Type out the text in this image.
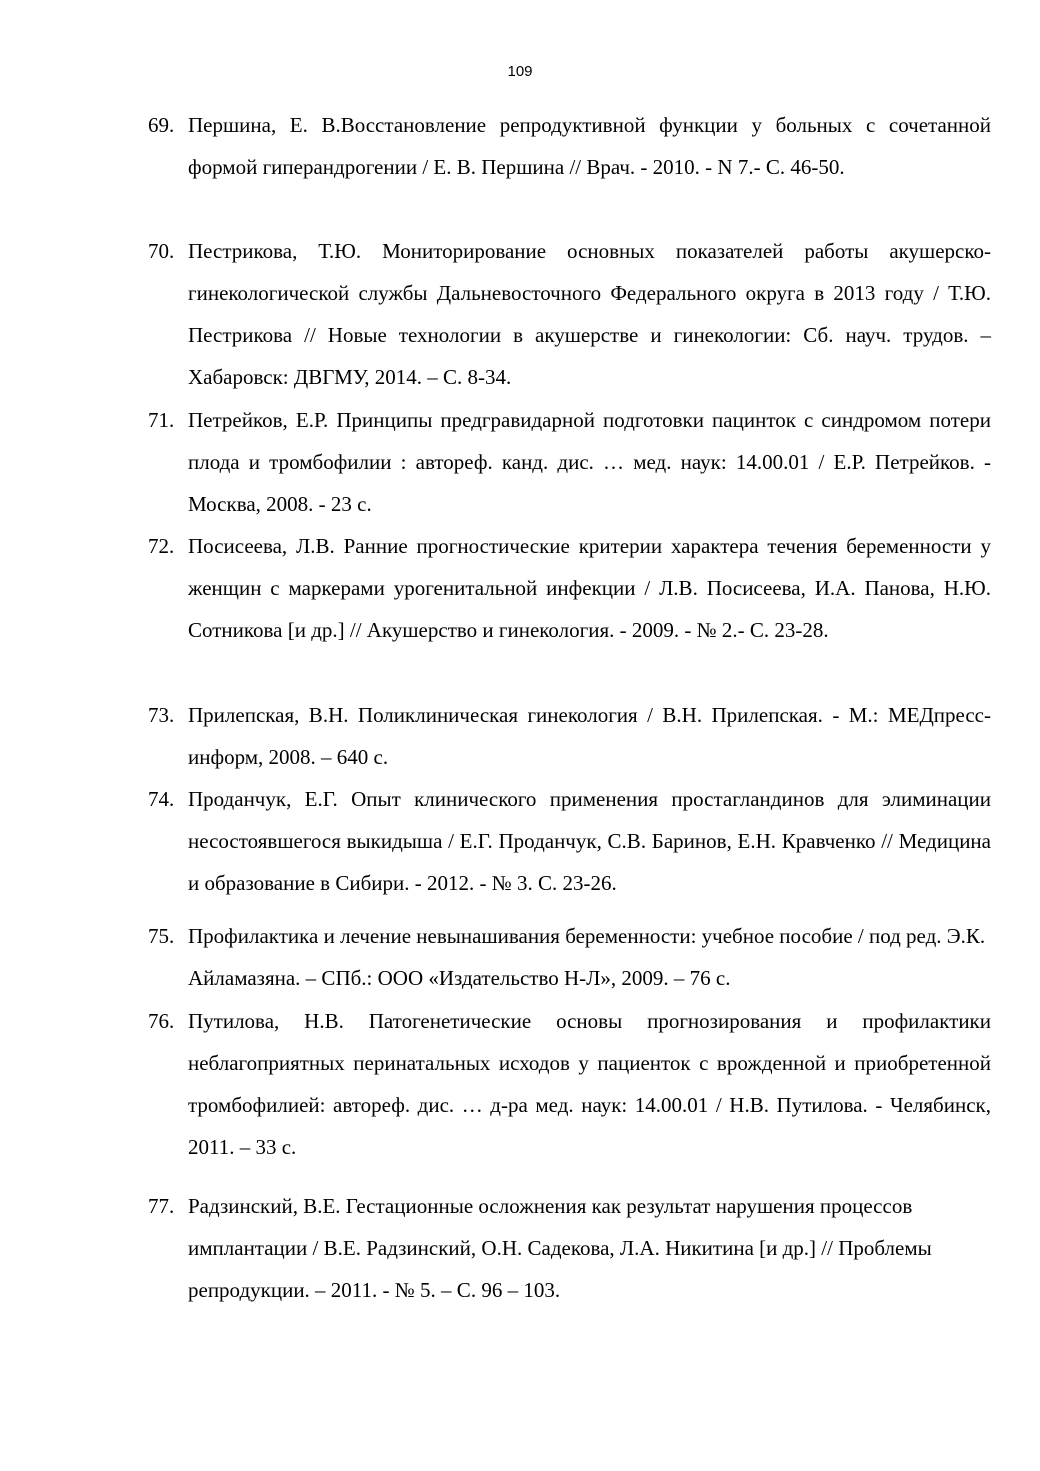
109
69. Першина, Е. В.Восстановление репродуктивной функции у больных с сочетанной формой гиперандрогении / Е. В. Першина // Врач. - 2010. - N 7.- С. 46-50.
70. Пестрикова, Т.Ю. Мониторирование основных показателей работы акушерско-гинекологической службы Дальневосточного Федерального округа в 2013 году / Т.Ю. Пестрикова // Новые технологии в акушерстве и гинекологии: Сб. науч. трудов. – Хабаровск: ДВГМУ, 2014. – С. 8-34.
71. Петрейков, Е.Р. Принципы предгравидарной подготовки пацинток с синдромом потери плода и тромбофилии : автореф. канд. дис. … мед. наук: 14.00.01 / Е.Р. Петрейков. - Москва, 2008. - 23 с.
72. Посисеева, Л.В. Ранние прогностические критерии характера течения беременности у женщин с маркерами урогенитальной инфекции / Л.В. Посисеева, И.А. Панова, Н.Ю. Сотникова [и др.] // Акушерство и гинекология. - 2009. - № 2.- С. 23-28.
73. Прилепская, В.Н. Поликлиническая гинекология / В.Н. Прилепская. - М.: МЕДпресс-информ, 2008. – 640 с.
74. Проданчук, Е.Г. Опыт клинического применения простагландинов для элиминации несостоявшегося выкидыша / Е.Г. Проданчук, С.В. Баринов, Е.Н. Кравченко // Медицина и образование в Сибири. - 2012. - № 3. С. 23-26.
75. Профилактика и лечение невынашивания беременности: учебное пособие / под ред. Э.К. Айламазяна. – СПб.: ООО «Издательство Н-Л», 2009. – 76 с.
76. Путилова, Н.В. Патогенетические основы прогнозирования и профилактики неблагоприятных перинатальных исходов у пациенток с врожденной и приобретенной тромбофилией: автореф. дис. … д-ра мед. наук: 14.00.01 / Н.В. Путилова. - Челябинск, 2011. – 33 с.
77. Радзинский, В.Е. Гестационные осложнения как результат нарушения процессов имплантации / В.Е. Радзинский, О.Н. Садекова, Л.А. Никитина [и др.] // Проблемы репродукции. – 2011. - № 5. – С. 96 – 103.
